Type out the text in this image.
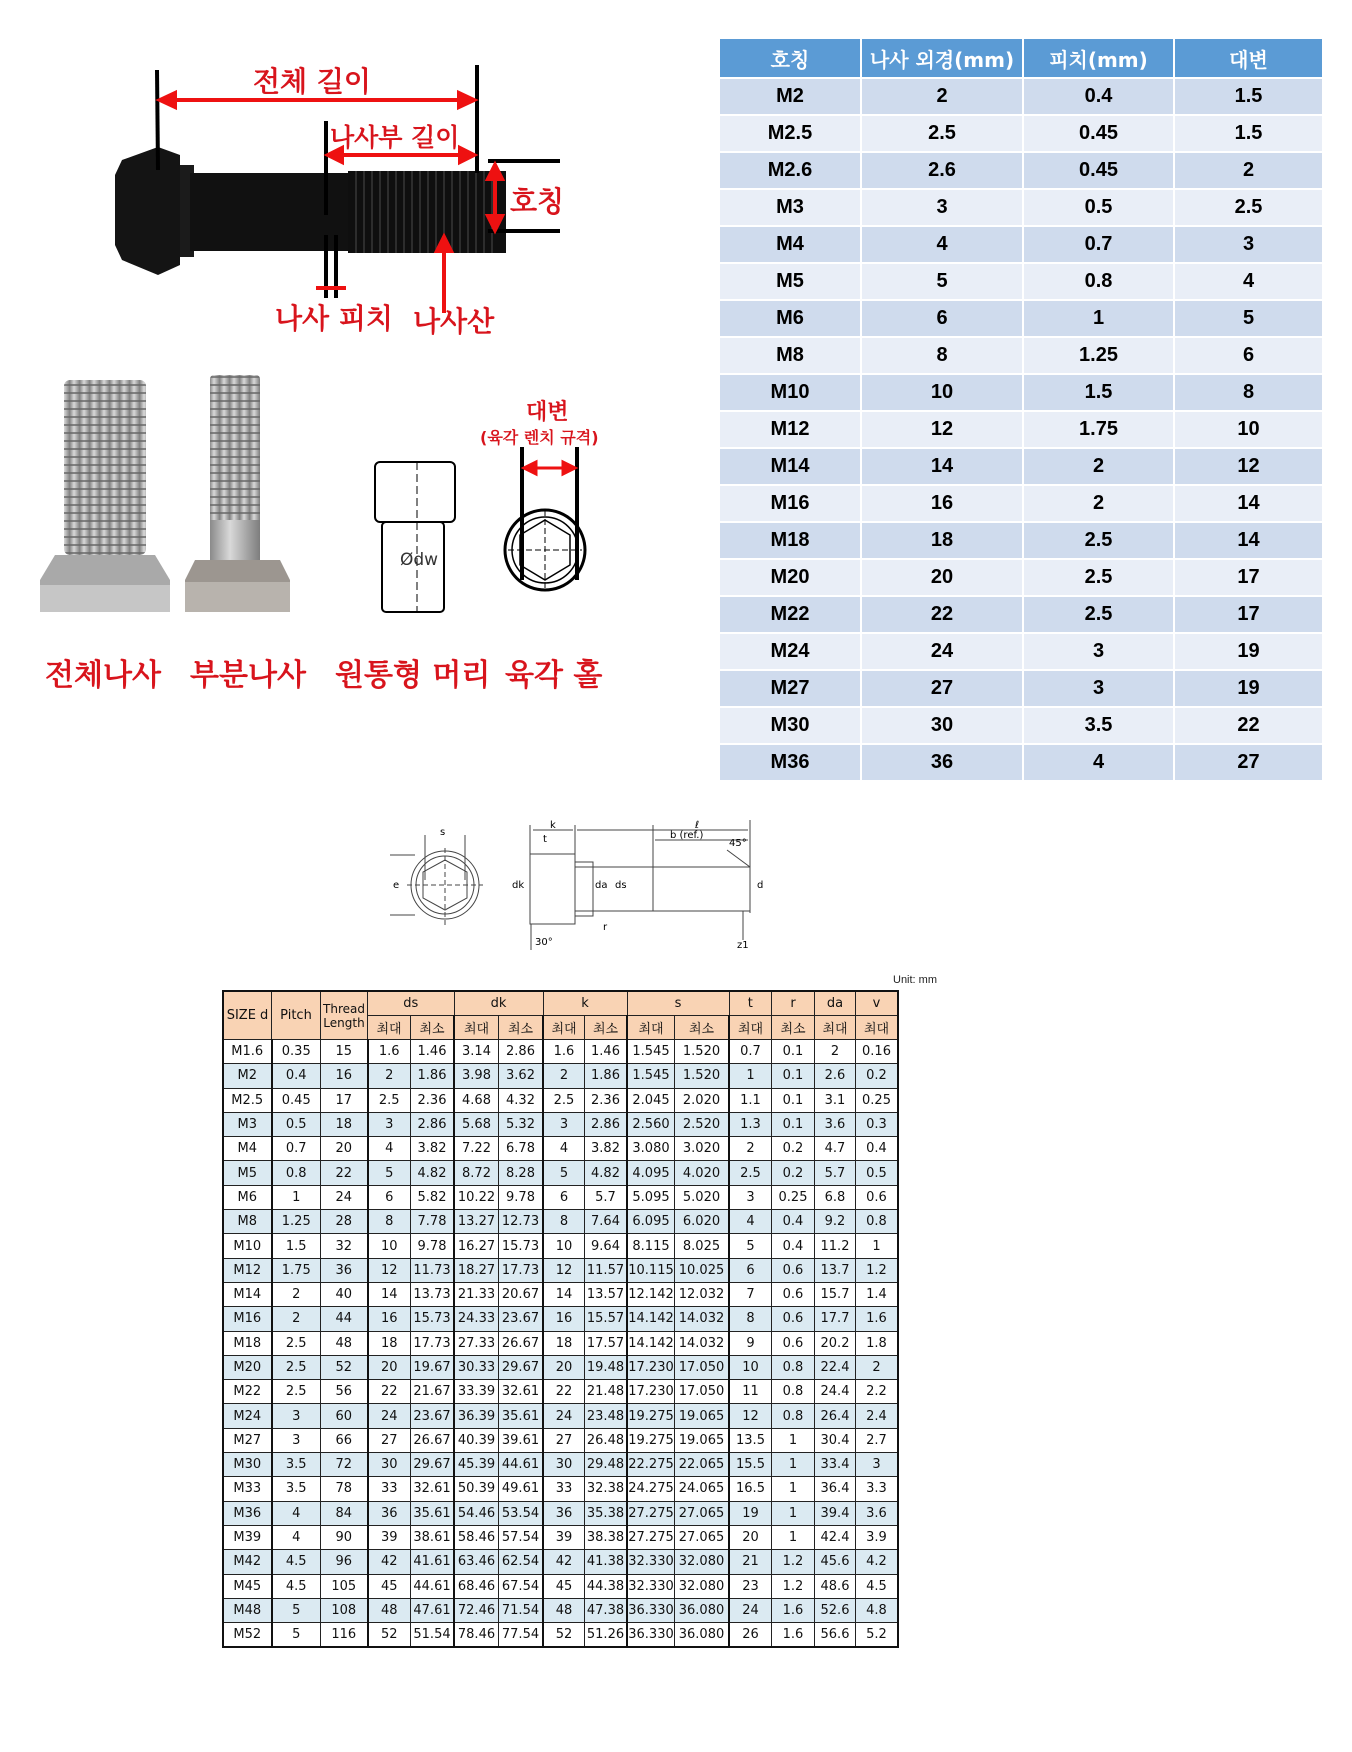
전체 길이
나사부 길이
호칭
나사 피치 나사산
Ødw
대변
(육각 렌치 규격)
전체나사 부분나사 원통형 머리 육각 홀
호칭	나사 외경(mm)	피치(mm)	대변
M2	2	0.4	1.5
M2.5	2.5	0.45	1.5
M2.6	2.6	0.45	2
M3	3	0.5	2.5
M4	4	0.7	3
M5	5	0.8	4
M6	6	1	5
M8	8	1.25	6
M10	10	1.5	8
M12	12	1.75	10
M14	14	2	12
M16	16	2	14
M18	18	2.5	14
M20	20	2.5	17
M22	22	2.5	17
M24	24	3	19
M27	27	3	19
M30	30	3.5	22
M36	36	4	27
s
e
k
t
ℓ
b (ref.)
45°
dk	da ds	d
r
30°	z1
Unit: mm
SIZE d	Pitch	Thread Length	ds		dk		k		s		t	r	da	v
			최대	최소	최대	최소	최대	최소	최대	최소	최대	최소	최대	최대
M1.6	0.35	15	1.6	1.46	3.14	2.86	1.6	1.46	1.545	1.520	0.7	0.1	2	0.16
M2	0.4	16	2	1.86	3.98	3.62	2	1.86	1.545	1.520	1	0.1	2.6	0.2
M2.5	0.45	17	2.5	2.36	4.68	4.32	2.5	2.36	2.045	2.020	1.1	0.1	3.1	0.25
M3	0.5	18	3	2.86	5.68	5.32	3	2.86	2.560	2.520	1.3	0.1	3.6	0.3
M4	0.7	20	4	3.82	7.22	6.78	4	3.82	3.080	3.020	2	0.2	4.7	0.4
M5	0.8	22	5	4.82	8.72	8.28	5	4.82	4.095	4.020	2.5	0.2	5.7	0.5
M6	1	24	6	5.82	10.22	9.78	6	5.7	5.095	5.020	3	0.25	6.8	0.6
M8	1.25	28	8	7.78	13.27	12.73	8	7.64	6.095	6.020	4	0.4	9.2	0.8
M10	1.5	32	10	9.78	16.27	15.73	10	9.64	8.115	8.025	5	0.4	11.2	1
M12	1.75	36	12	11.73	18.27	17.73	12	11.57	10.115	10.025	6	0.6	13.7	1.2
M14	2	40	14	13.73	21.33	20.67	14	13.57	12.142	12.032	7	0.6	15.7	1.4
M16	2	44	16	15.73	24.33	23.67	16	15.57	14.142	14.032	8	0.6	17.7	1.6
M18	2.5	48	18	17.73	27.33	26.67	18	17.57	14.142	14.032	9	0.6	20.2	1.8
M20	2.5	52	20	19.67	30.33	29.67	20	19.48	17.230	17.050	10	0.8	22.4	2
M22	2.5	56	22	21.67	33.39	32.61	22	21.48	17.230	17.050	11	0.8	24.4	2.2
M24	3	60	24	23.67	36.39	35.61	24	23.48	19.275	19.065	12	0.8	26.4	2.4
M27	3	66	27	26.67	40.39	39.61	27	26.48	19.275	19.065	13.5	1	30.4	2.7
M30	3.5	72	30	29.67	45.39	44.61	30	29.48	22.275	22.065	15.5	1	33.4	3
M33	3.5	78	33	32.61	50.39	49.61	33	32.38	24.275	24.065	16.5	1	36.4	3.3
M36	4	84	36	35.61	54.46	53.54	36	35.38	27.275	27.065	19	1	39.4	3.6
M39	4	90	39	38.61	58.46	57.54	39	38.38	27.275	27.065	20	1	42.4	3.9
M42	4.5	96	42	41.61	63.46	62.54	42	41.38	32.330	32.080	21	1.2	45.6	4.2
M45	4.5	105	45	44.61	68.46	67.54	45	44.38	32.330	32.080	23	1.2	48.6	4.5
M48	5	108	48	47.61	72.46	71.54	48	47.38	36.330	36.080	24	1.6	52.6	4.8
M52	5	116	52	51.54	78.46	77.54	52	51.26	36.330	36.080	26	1.6	56.6	5.2
